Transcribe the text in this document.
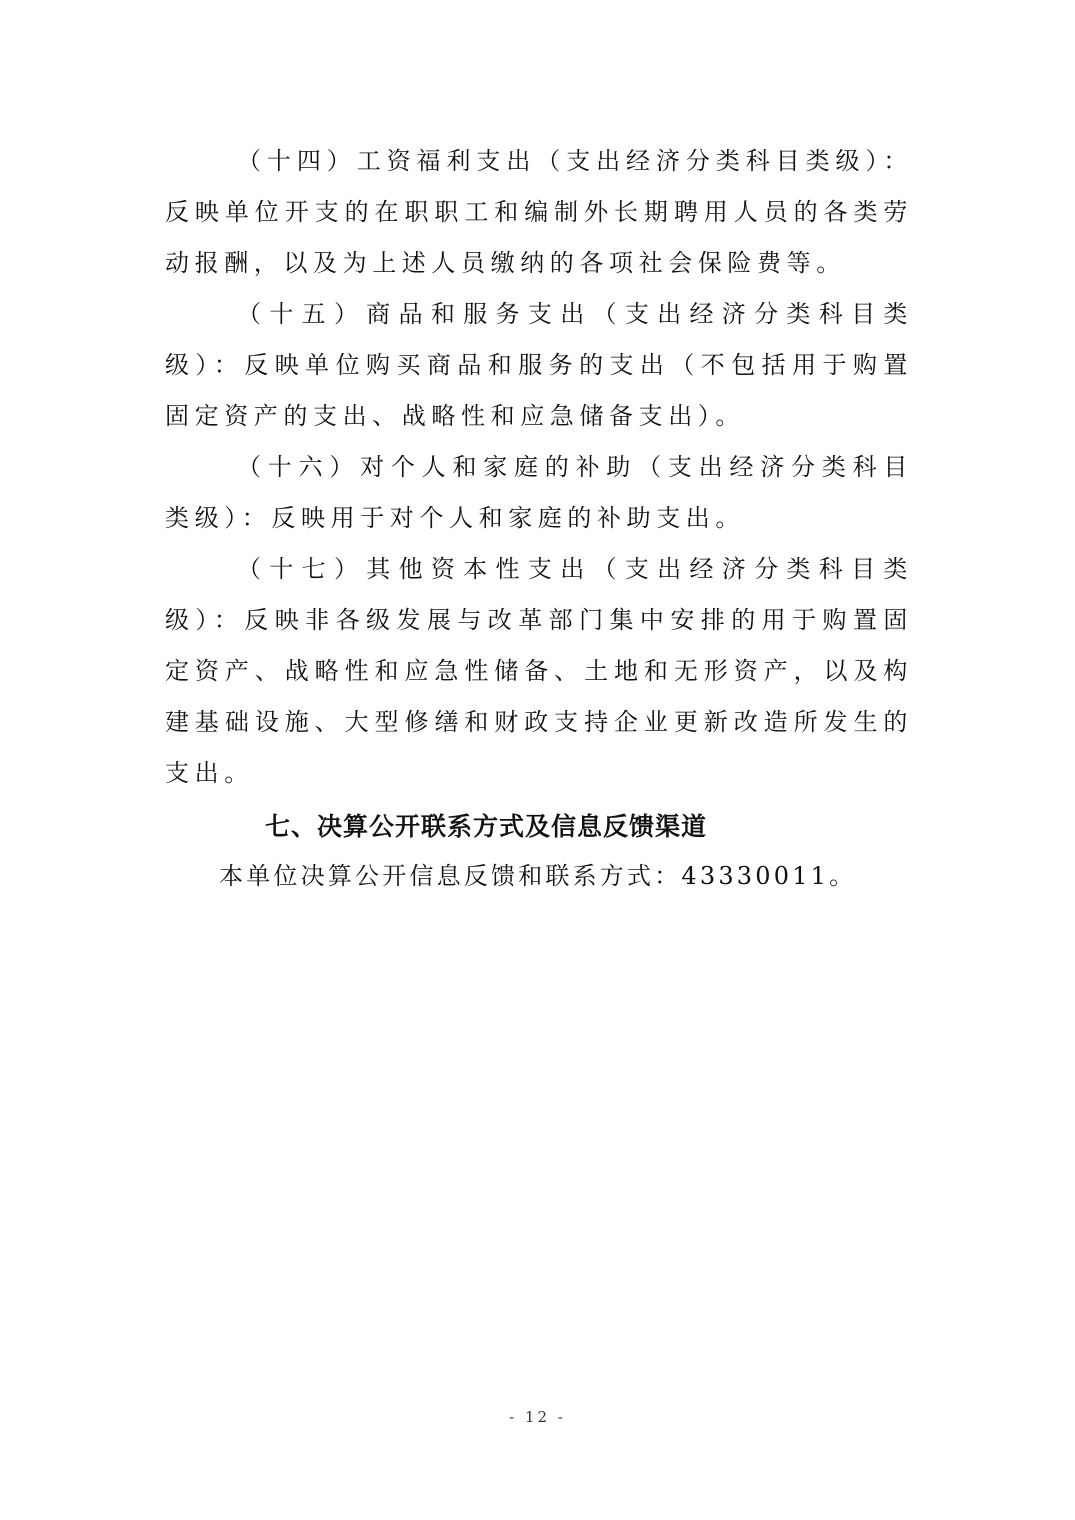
（十四）工资福利支出（支出经济分类科目类级）：反映单位开支的在职职工和编制外长期聘用人员的各类劳动报酬，以及为上述人员缴纳的各项社会保险费等。

（十五）商品和服务支出（支出经济分类科目类级）：反映单位购买商品和服务的支出（不包括用于购置固定资产的支出、战略性和应急储备支出）。

（十六）对个人和家庭的补助（支出经济分类科目类级）：反映用于对个人和家庭的补助支出。

（十七）其他资本性支出（支出经济分类科目类级）：反映非各级发展与改革部门集中安排的用于购置固定资产、战略性和应急性储备、土地和无形资产，以及构建基础设施、大型修缮和财政支持企业更新改造所发生的支出。

七、决算公开联系方式及信息反馈渠道

本单位决算公开信息反馈和联系方式：43330011。

- 12 -
